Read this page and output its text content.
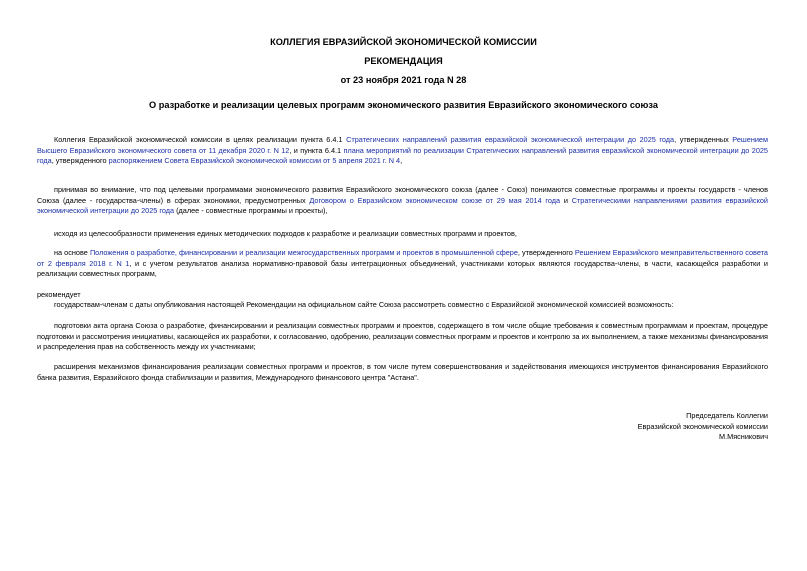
КОЛЛЕГИЯ ЕВРАЗИЙСКОЙ ЭКОНОМИЧЕСКОЙ КОМИССИИ
РЕКОМЕНДАЦИЯ
от 23 ноября 2021 года N 28
О разработке и реализации целевых программ экономического развития Евразийского экономического союза
Коллегия Евразийской экономической комиссии в целях реализации пункта 6.4.1 Стратегических направлений развития евразийской экономической интеграции до 2025 года, утвержденных Решением Высшего Евразийского экономического совета от 11 декабря 2020 г. N 12, и пункта 6.4.1 плана мероприятий по реализации Стратегических направлений развития евразийской экономической интеграции до 2025 года, утвержденного распоряжением Совета Евразийской экономической комиссии от 5 апреля 2021 г. N 4,
принимая во внимание, что под целевыми программами экономического развития Евразийского экономического союза (далее - Союз) понимаются совместные программы и проекты государств - членов Союза (далее - государства-члены) в сферах экономики, предусмотренных Договором о Евразийском экономическом союзе от 29 мая 2014 года и Стратегическими направлениями развития евразийской экономической интеграции до 2025 года (далее - совместные программы и проекты),
исходя из целесообразности применения единых методических подходов к разработке и реализации совместных программ и проектов,
на основе Положения о разработке, финансировании и реализации межгосударственных программ и проектов в промышленной сфере, утвержденного Решением Евразийского межправительственного совета от 2 февраля 2018 г. N 1, и с учетом результатов анализа нормативно-правовой базы интеграционных объединений, участниками которых являются государства-члены, в части, касающейся разработки и реализации совместных программ,
рекомендует
государствам-членам с даты опубликования настоящей Рекомендации на официальном сайте Союза рассмотреть совместно с Евразийской экономической комиссией возможность:
подготовки акта органа Союза о разработке, финансировании и реализации совместных программ и проектов, содержащего в том числе общие требования к совместным программам и проектам, процедуре подготовки и рассмотрения инициативы, касающейся их разработки, к согласованию, одобрению, реализации совместных программ и проектов и контролю за их выполнением, а также механизмы финансирования и распределения прав на собственность между их участниками;
расширения механизмов финансирования реализации совместных программ и проектов, в том числе путем совершенствования и задействования имеющихся инструментов финансирования Евразийского банка развития, Евразийского фонда стабилизации и развития, Международного финансового центра "Астана".
Председатель Коллегии
Евразийской экономической комиссии
М.Мясникович
